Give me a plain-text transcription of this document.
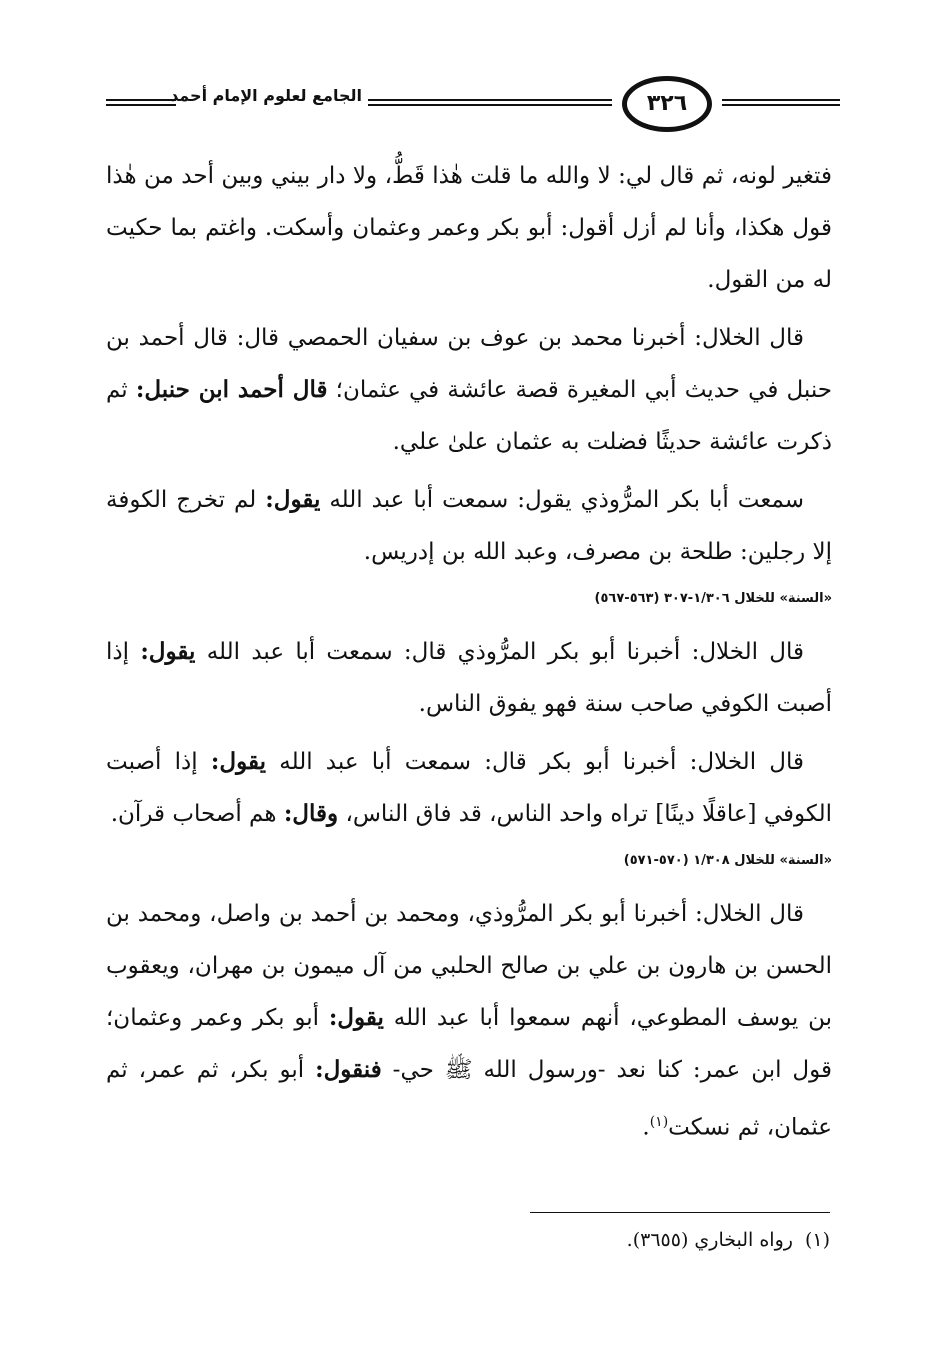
الجامع لعلوم الإمام أحمد	٣٢٦

فتغير لونه، ثم قال لي: لا والله ما قلت هٰذا قَطُّ، ولا دار بيني وبين أحد من هٰذا قول هكذا، وأنا لم أزل أقول: أبو بكر وعمر وعثمان وأسكت. واغتم بما حكيت له من القول.

قال الخلال: أخبرنا محمد بن عوف بن سفيان الحمصي قال: قال أحمد بن حنبل في حديث أبي المغيرة قصة عائشة في عثمان؛ قال أحمد ابن حنبل: ثم ذكرت عائشة حديثًا فضلت به عثمان علىٰ علي.

سمعت أبا بكر المرُّوذي يقول: سمعت أبا عبد الله يقول: لم تخرج الكوفة إلا رجلين: طلحة بن مصرف، وعبد الله بن إدريس.

«السنة» للخلال ١/٣٠٦-٣٠٧ (٥٦٣-٥٦٧)

قال الخلال: أخبرنا أبو بكر المرُّوذي قال: سمعت أبا عبد الله يقول: إذا أصبت الكوفي صاحب سنة فهو يفوق الناس.

قال الخلال: أخبرنا أبو بكر قال: سمعت أبا عبد الله يقول: إذا أصبت الكوفي [عاقلًا دينًا] تراه واحد الناس، قد فاق الناس، وقال: هم أصحاب قرآن.

«السنة» للخلال ١/٣٠٨ (٥٧٠-٥٧١)

قال الخلال: أخبرنا أبو بكر المرُّوذي، ومحمد بن أحمد بن واصل، ومحمد بن الحسن بن هارون بن علي بن صالح الحلبي من آل ميمون بن مهران، ويعقوب بن يوسف المطوعي، أنهم سمعوا أبا عبد الله يقول: أبو بكر وعمر وعثمان؛ قول ابن عمر: كنا نعد -ورسول الله ﷺ حي- فنقول: أبو بكر، ثم عمر، ثم عثمان، ثم نسكت$^{(١)}$.

(١)رواه البخاري (٣٦٥٥).
